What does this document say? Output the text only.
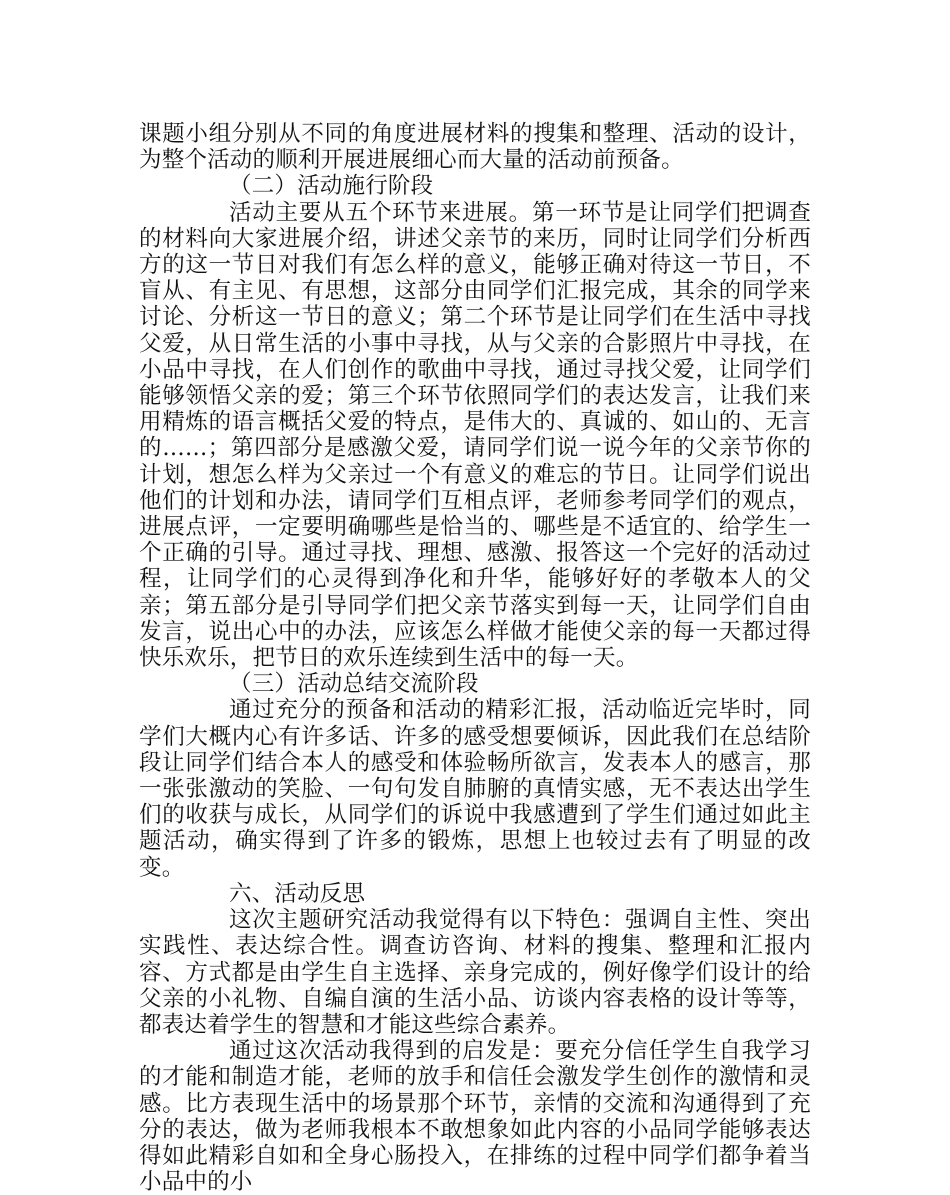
课题小组分别从不同的角度进展材料的搜集和整理、活动的设计，为整个活动的顺利开展进展细心而大量的活动前预备。

（二）活动施行阶段

活动主要从五个环节来进展。第一环节是让同学们把调查的材料向大家进展介绍，讲述父亲节的来历，同时让同学们分析西方的这一节日对我们有怎么样的意义，能够正确对待这一节日，不盲从、有主见、有思想，这部分由同学们汇报完成，其余的同学来讨论、分析这一节日的意义；第二个环节是让同学们在生活中寻找父爱，从日常生活的小事中寻找，从与父亲的合影照片中寻找，在小品中寻找，在人们创作的歌曲中寻找，通过寻找父爱，让同学们能够领悟父亲的爱；第三个环节依照同学们的表达发言，让我们来用精炼的语言概括父爱的特点，是伟大的、真诚的、如山的、无言的……；第四部分是感激父爱，请同学们说一说今年的父亲节你的计划，想怎么样为父亲过一个有意义的难忘的节日。让同学们说出他们的计划和办法，请同学们互相点评，老师参考同学们的观点，进展点评，一定要明确哪些是恰当的、哪些是不适宜的、给学生一个正确的引导。通过寻找、理想、感激、报答这一个完好的活动过程，让同学们的心灵得到净化和升华，能够好好的孝敬本人的父亲；第五部分是引导同学们把父亲节落实到每一天，让同学们自由发言，说出心中的办法，应该怎么样做才能使父亲的每一天都过得快乐欢乐，把节日的欢乐连续到生活中的每一天。

（三）活动总结交流阶段

通过充分的预备和活动的精彩汇报，活动临近完毕时，同学们大概内心有许多话、许多的感受想要倾诉，因此我们在总结阶段让同学们结合本人的感受和体验畅所欲言，发表本人的感言，那一张张激动的笑脸、一句句发自肺腑的真情实感，无不表达出学生们的收获与成长，从同学们的诉说中我感遭到了学生们通过如此主题活动，确实得到了许多的锻炼，思想上也较过去有了明显的改变。

六、活动反思

这次主题研究活动我觉得有以下特色：强调自主性、突出实践性、表达综合性。调查访咨询、材料的搜集、整理和汇报内容、方式都是由学生自主选择、亲身完成的，例好像学们设计的给父亲的小礼物、自编自演的生活小品、访谈内容表格的设计等等，都表达着学生的智慧和才能这些综合素养。

通过这次活动我得到的启发是：要充分信任学生自我学习的才能和制造才能，老师的放手和信任会激发学生创作的激情和灵感。比方表现生活中的场景那个环节，亲情的交流和沟通得到了充分的表达，做为老师我根本不敢想象如此内容的小品同学能够表达得如此精彩自如和全身心肠投入，在排练的过程中同学们都争着当小品中的小
